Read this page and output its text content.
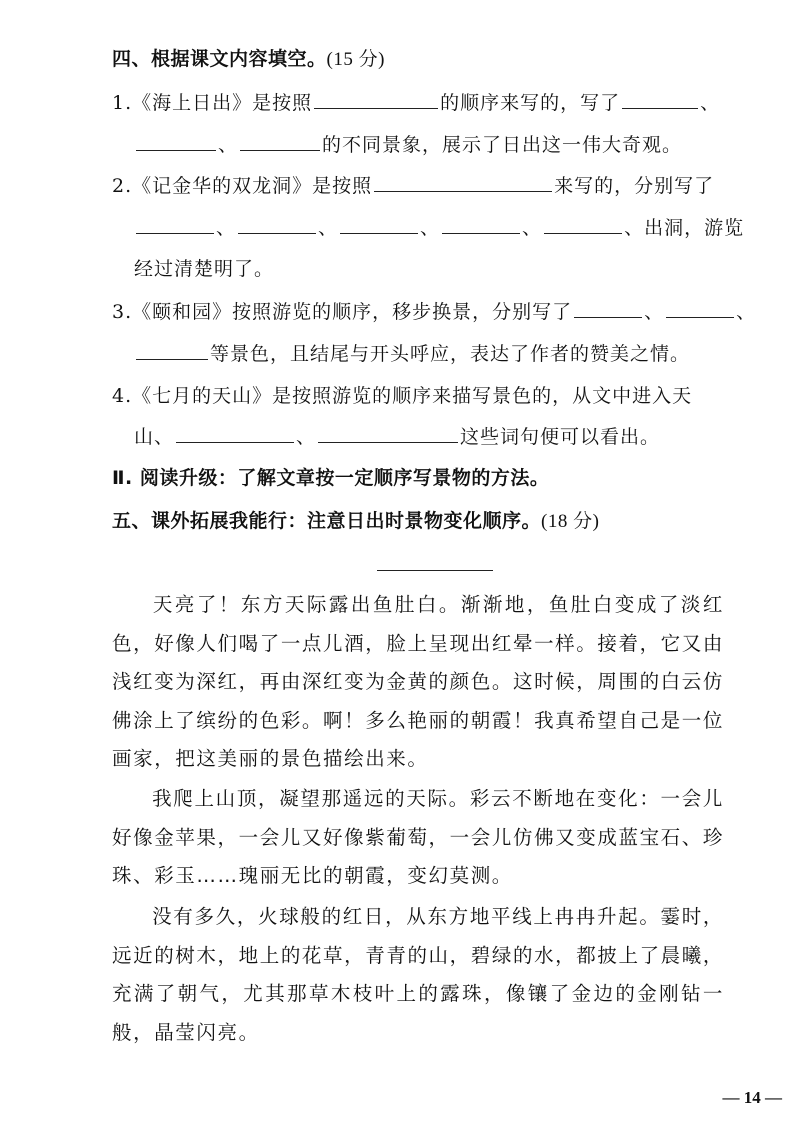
四、根据课文内容填空。(15 分)
1.《海上日出》是按照	的顺序来写的，写了	、
、	的不同景象，展示了日出这一伟大奇观。
2.《记金华的双龙洞》是按照	来写的，分别写了
、	、	、	、	、出洞，游览
经过清楚明了。
3.《颐和园》按照游览的顺序，移步换景，分别写了	、	、
等景色，且结尾与开头呼应，表达了作者的赞美之情。
4.《七月的天山》是按照游览的顺序来描写景色的，从文中进入天
山、	、	这些词句便可以看出。
Ⅱ. 阅读升级：了解文章按一定顺序写景物的方法。
五、课外拓展我能行：注意日出时景物变化顺序。(18 分)

天亮了！东方天际露出鱼肚白。渐渐地，鱼肚白变成了淡红色，好像人们喝了一点儿酒，脸上呈现出红晕一样。接着，它又由浅红变为深红，再由深红变为金黄的颜色。这时候，周围的白云仿佛涂上了缤纷的色彩。啊！多么艳丽的朝霞！我真希望自己是一位画家，把这美丽的景色描绘出来。

我爬上山顶，凝望那遥远的天际。彩云不断地在变化：一会儿好像金苹果，一会儿又好像紫葡萄，一会儿仿佛又变成蓝宝石、珍珠、彩玉……瑰丽无比的朝霞，变幻莫测。

没有多久，火球般的红日，从东方地平线上冉冉升起。霎时，远近的树木，地上的花草，青青的山，碧绿的水，都披上了晨曦，充满了朝气，尤其那草木枝叶上的露珠，像镶了金边的金刚钻一般，晶莹闪亮。

— 14 —
